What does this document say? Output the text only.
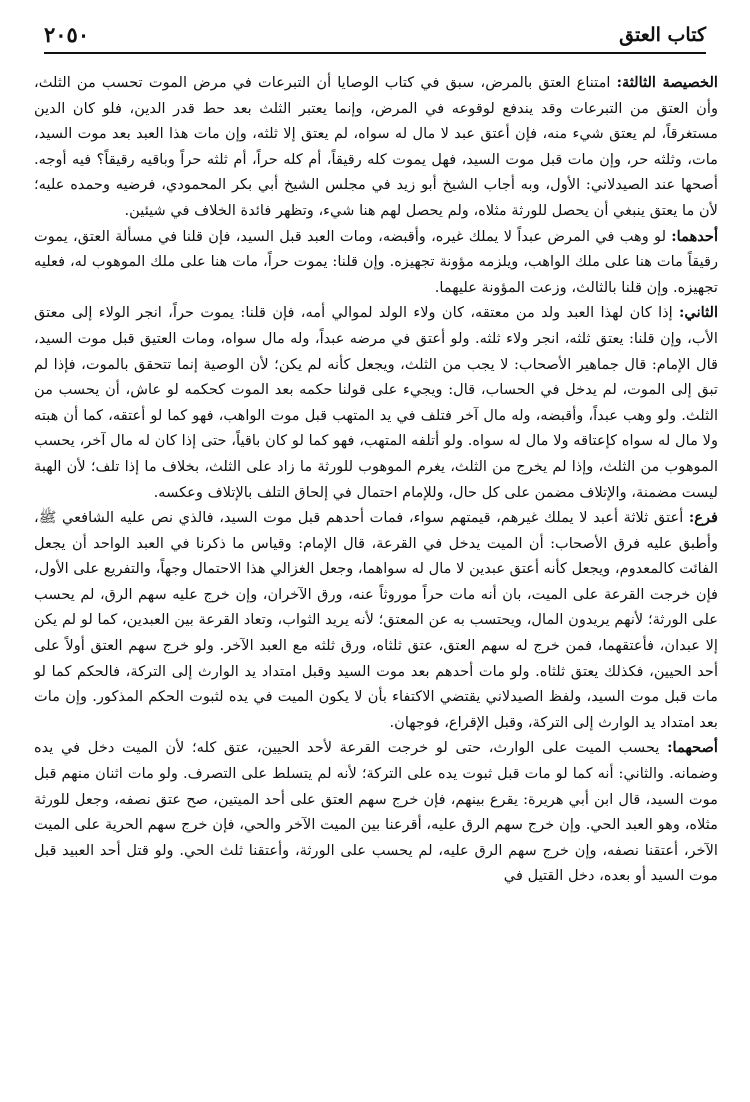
كتاب العتق
٢٠٥٠

الخصيصة الثالثة: امتناع العتق بالمرض، سبق في كتاب الوصايا أن التبرعات في مرض الموت تحسب من الثلث، وأن العتق من التبرعات وقد يندفع لوقوعه في المرض، وإنما يعتبر الثلث بعد حط قدر الدين، فلو كان الدين مستغرقاً، لم يعتق شيء منه، فإن أعتق عبد لا مال له سواه، لم يعتق إلا ثلثه، وإن مات هذا العبد بعد موت السيد، مات، وثلثه حر، وإن مات قبل موت السيد، فهل يموت كله رقيقاً، أم كله حراً، أم ثلثه حراً وباقيه رقيقاً؟ فيه أوجه. أصحها عند الصيدلاني: الأول، وبه أجاب الشيخ أبو زيد في مجلس الشيخ أبي بكر المحمودي، فرضيه وحمده عليه؛ لأن ما يعتق ينبغي أن يحصل للورثة مثلاه، ولم يحصل لهم هنا شيء، وتظهر فائدة الخلاف في شيئين.

أحدهما: لو وهب في المرض عبداً لا يملك غيره، وأقبضه، ومات العبد قبل السيد، فإن قلنا في مسألة العتق، يموت رقيقاً مات هنا على ملك الواهب، ويلزمه مؤونة تجهيزه. وإن قلنا: يموت حراً، مات هنا على ملك الموهوب له، فعليه تجهيزه. وإن قلنا بالثالث، وزعت المؤونة عليهما.

الثاني: إذا كان لهذا العبد ولد من معتقه، كان ولاء الولد لموالي أمه، فإن قلنا: يموت حراً، انجر الولاء إلى معتق الأب، وإن قلنا: يعتق ثلثه، انجر ولاء ثلثه. ولو أعتق في مرضه عبداً، وله مال سواه، ومات العتيق قبل موت السيد، قال الإمام: قال جماهير الأصحاب: لا يجب من الثلث، ويجعل كأنه لم يكن؛ لأن الوصية إنما تتحقق بالموت، فإذا لم تبق إلى الموت، لم يدخل في الحساب، قال: ويجيء على قولنا حكمه بعد الموت كحكمه لو عاش، أن يحسب من الثلث. ولو وهب عبداً، وأقبضه، وله مال آخر فتلف في يد المتهب قبل موت الواهب، فهو كما لو أعتقه، كما أن هبته ولا مال له سواه كإعتاقه ولا مال له سواه. ولو أتلفه المتهب، فهو كما لو كان باقياً، حتى إذا كان له مال آخر، يحسب الموهوب من الثلث، وإذا لم يخرج من الثلث، يغرم الموهوب للورثة ما زاد على الثلث، بخلاف ما إذا تلف؛ لأن الهبة ليست مضمنة، والإتلاف مضمن على كل حال، وللإمام احتمال في إلحاق التلف بالإتلاف وعكسه.

فرع: أعتق ثلاثة أعبد لا يملك غيرهم، قيمتهم سواء، فمات أحدهم قبل موت السيد، فالذي نص عليه الشافعي ﷺ، وأطبق عليه فرق الأصحاب: أن الميت يدخل في القرعة، قال الإمام: وقياس ما ذكرنا في العبد الواحد أن يجعل الفائت كالمعدوم، ويجعل كأنه أعتق عبدين لا مال له سواهما، وجعل الغزالي هذا الاحتمال وجهاً، والتفريع على الأول، فإن خرجت القرعة على الميت، بان أنه مات حراً موروثاً عنه، ورق الآخران، وإن خرج عليه سهم الرق، لم يحسب على الورثة؛ لأنهم يريدون المال، ويحتسب به عن المعتق؛ لأنه يريد الثواب، وتعاد القرعة بين العبدين، كما لو لم يكن إلا عبدان، فأعتقهما، فمن خرج له سهم العتق، عتق ثلثاه، ورق ثلثه مع العبد الآخر. ولو خرج سهم العتق أولاً على أحد الحيين، فكذلك يعتق ثلثاه. ولو مات أحدهم بعد موت السيد وقبل امتداد يد الوارث إلى التركة، فالحكم كما لو مات قبل موت السيد، ولفظ الصيدلاني يقتضي الاكتفاء بأن لا يكون الميت في يده لثبوت الحكم المذكور. وإن مات بعد امتداد يد الوارث إلى التركة، وقبل الإقراع، فوجهان.

أصحهما: يحسب الميت على الوارث، حتى لو خرجت القرعة لأحد الحيين، عتق كله؛ لأن الميت دخل في يده وضمانه. والثاني: أنه كما لو مات قبل ثبوت يده على التركة؛ لأنه لم يتسلط على التصرف. ولو مات اثنان منهم قبل موت السيد، قال ابن أبي هريرة: يقرع بينهم، فإن خرج سهم العتق على أحد الميتين، صح عتق نصفه، وجعل للورثة مثلاه، وهو العبد الحي. وإن خرج سهم الرق عليه، أقرعنا بين الميت الآخر والحي، فإن خرج سهم الحرية على الميت الآخر، أعتقنا نصفه، وإن خرج سهم الرق عليه، لم يحسب على الورثة، وأعتقنا ثلث الحي. ولو قتل أحد العبيد قبل موت السيد أو بعده، دخل القتيل في
